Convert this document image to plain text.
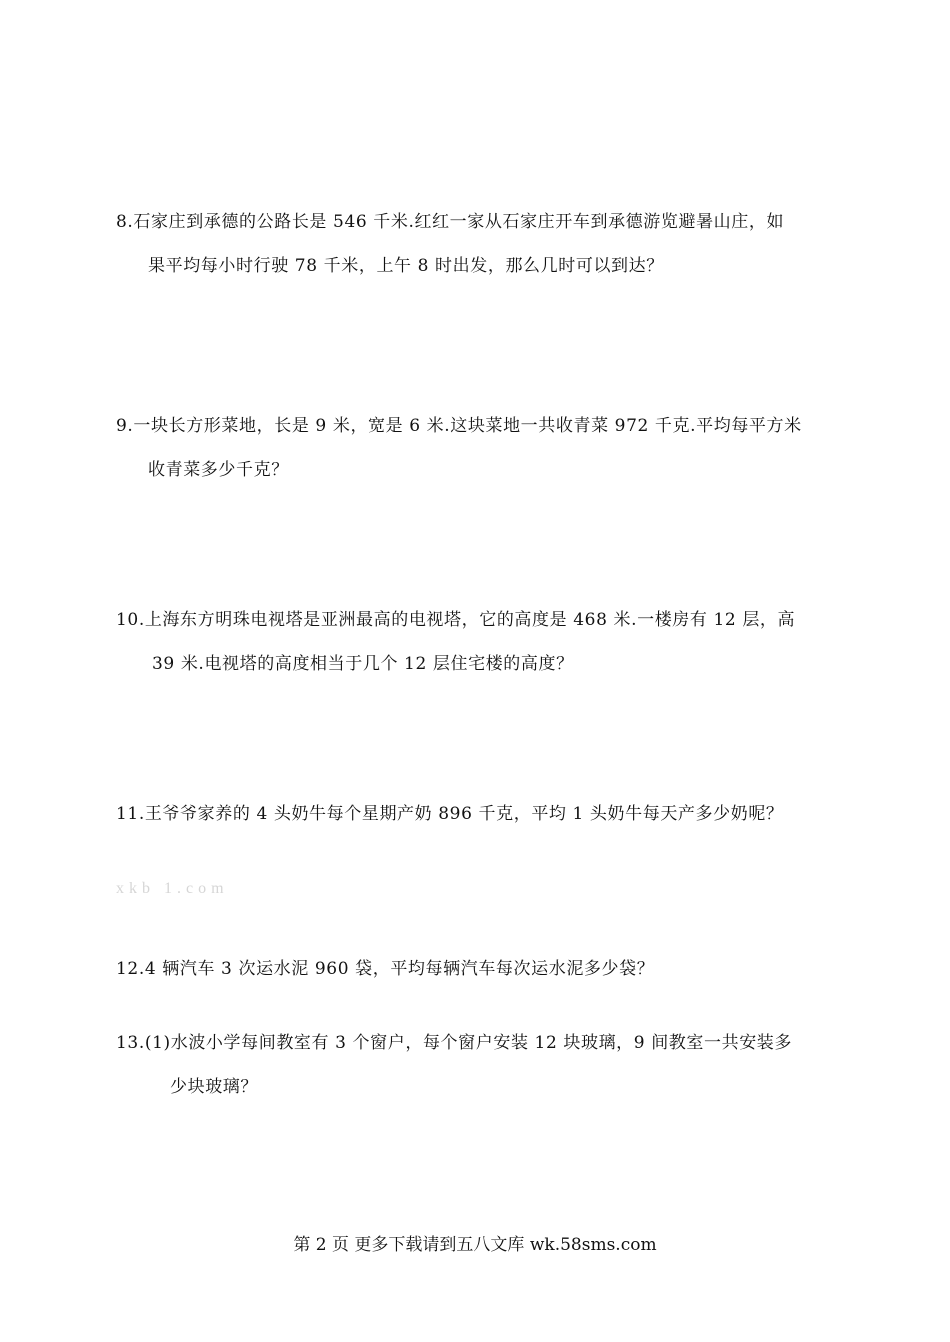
8.石家庄到承德的公路长是 546 千米.红红一家从石家庄开车到承德游览避暑山庄，如
果平均每小时行驶 78 千米，上午 8 时出发，那么几时可以到达？
9.一块长方形菜地，长是 9 米，宽是 6 米.这块菜地一共收青菜 972 千克.平均每平方米
收青菜多少千克？
10.上海东方明珠电视塔是亚洲最高的电视塔，它的高度是 468 米.一楼房有 12 层，高
39 米.电视塔的高度相当于几个 12 层住宅楼的高度？
11.王爷爷家养的 4 头奶牛每个星期产奶 896 千克，平均 1 头奶牛每天产多少奶呢？
xkb 1.com
12.4 辆汽车 3 次运水泥 960 袋，平均每辆汽车每次运水泥多少袋？
13.(1)水波小学每间教室有 3 个窗户，每个窗户安装 12 块玻璃，9 间教室一共安装多
少块玻璃？
第 2 页 更多下载请到五八文库 wk.58sms.com
